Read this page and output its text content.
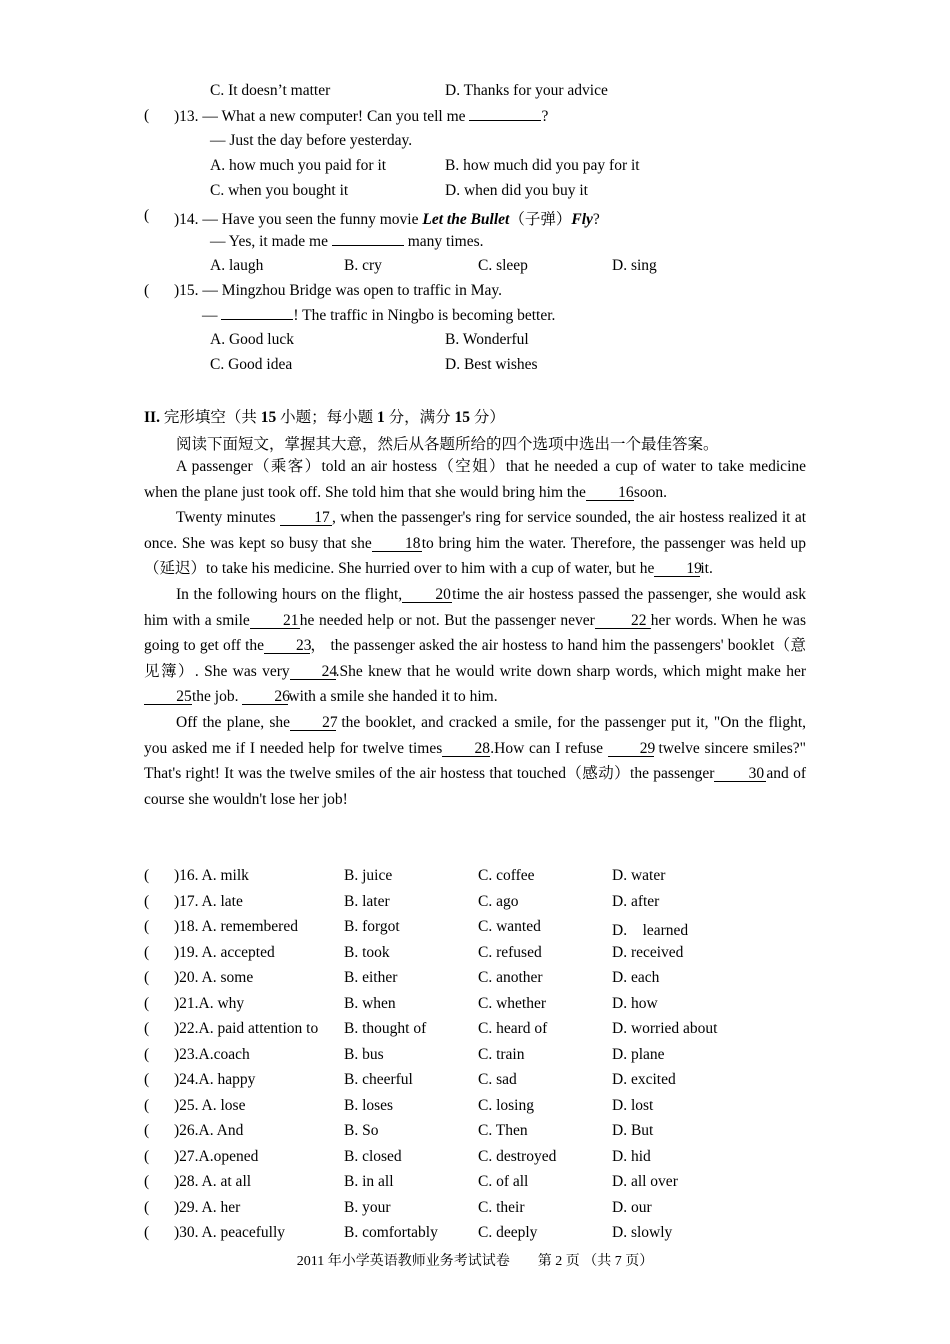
C. It doesn’t matter	D. Thanks for your advice
( )13. — What a new computer! Can you tell me	?
— Just the day before yesterday.
A. how much you paid for it	B. how much did you pay for it
C. when you bought it	D. when did you buy it
( )14. — Have you seen the funny movie Let the Bullet（子弹）Fly?
— Yes, it made me	many times.
A. laugh	B. cry	C. sleep	D. sing
( )15. — Mingzhou Bridge was open to traffic in May.
—	! The traffic in Ningbo is becoming better.
A. Good luck	B. Wonderful
C. Good idea	D. Best wishes
II. 完形填空（共 15 小题；每小题 1 分，满分 15 分）
阅读下面短文，掌握其大意，然后从各题所给的四个选项中选出一个最佳答案。

A passenger（乘客）told an air hostess（空姐）that he needed a cup of water to take medicine when the plane just took off. She told him that she would bring him the 16soon.

Twenty minutes 17 , when the passenger's ring for service sounded, the air hostess realized it at once. She was kept so busy that she 18to bring him the water. Therefore, the passenger was held up（延迟）to take his medicine. She hurried over to him with a cup of water, but he 19it.

In the following hours on the flight, 20time the air hostess passed the passenger, she would ask him with a smile 21he needed help or not. But the passenger never 22 her words. When he was going to get off the 23， the passenger asked the air hostess to hand him the passengers' booklet（意见簿）. She was very 24.She knew that he would write down sharp words, which might make her25the job. 26with a smile she handed it to him.

Off the plane, she 27 the booklet, and cracked a smile, for the passenger put it, "On the flight, you asked me if I needed help for twelve times 28.How can I refuse 29 twelve sincere smiles?" That's right! It was the twelve smiles of the air hostess that touched（感动）the passenger 30 and of course she wouldn't lose her job!

( )16. A. milk	B. juice	C. coffee	D. water
( )17. A. late	B. later	C. ago	D. after
( )18. A. remembered	B. forgot	C. wanted	D.　learned
( )19. A. accepted	B. took	C. refused	D. received
( )20. A. some	B. either	C. another	D. each
( )21.A. why	B. when	C. whether	D. how
( )22.A. paid attention to B. thought of	C. heard of	D. worried about
( )23.A.coach	B. bus	C. train	D. plane
( )24.A. happy	B. cheerful	C. sad	D. excited
( )25. A. lose	B. loses	C. losing	D. lost
( )26.A. And	B. So	C. Then	D. But
( )27.A.opened	B. closed	C. destroyed	D. hid
( )28. A. at all	B. in all	C. of all	D. all over
( )29. A. her	B. your	C. their	D. our
( )30. A. peacefully	B. comfortably	C. deeply	D. slowly
2011 年小学英语教师业务考试试卷　　第 2 页 （共 7 页）
